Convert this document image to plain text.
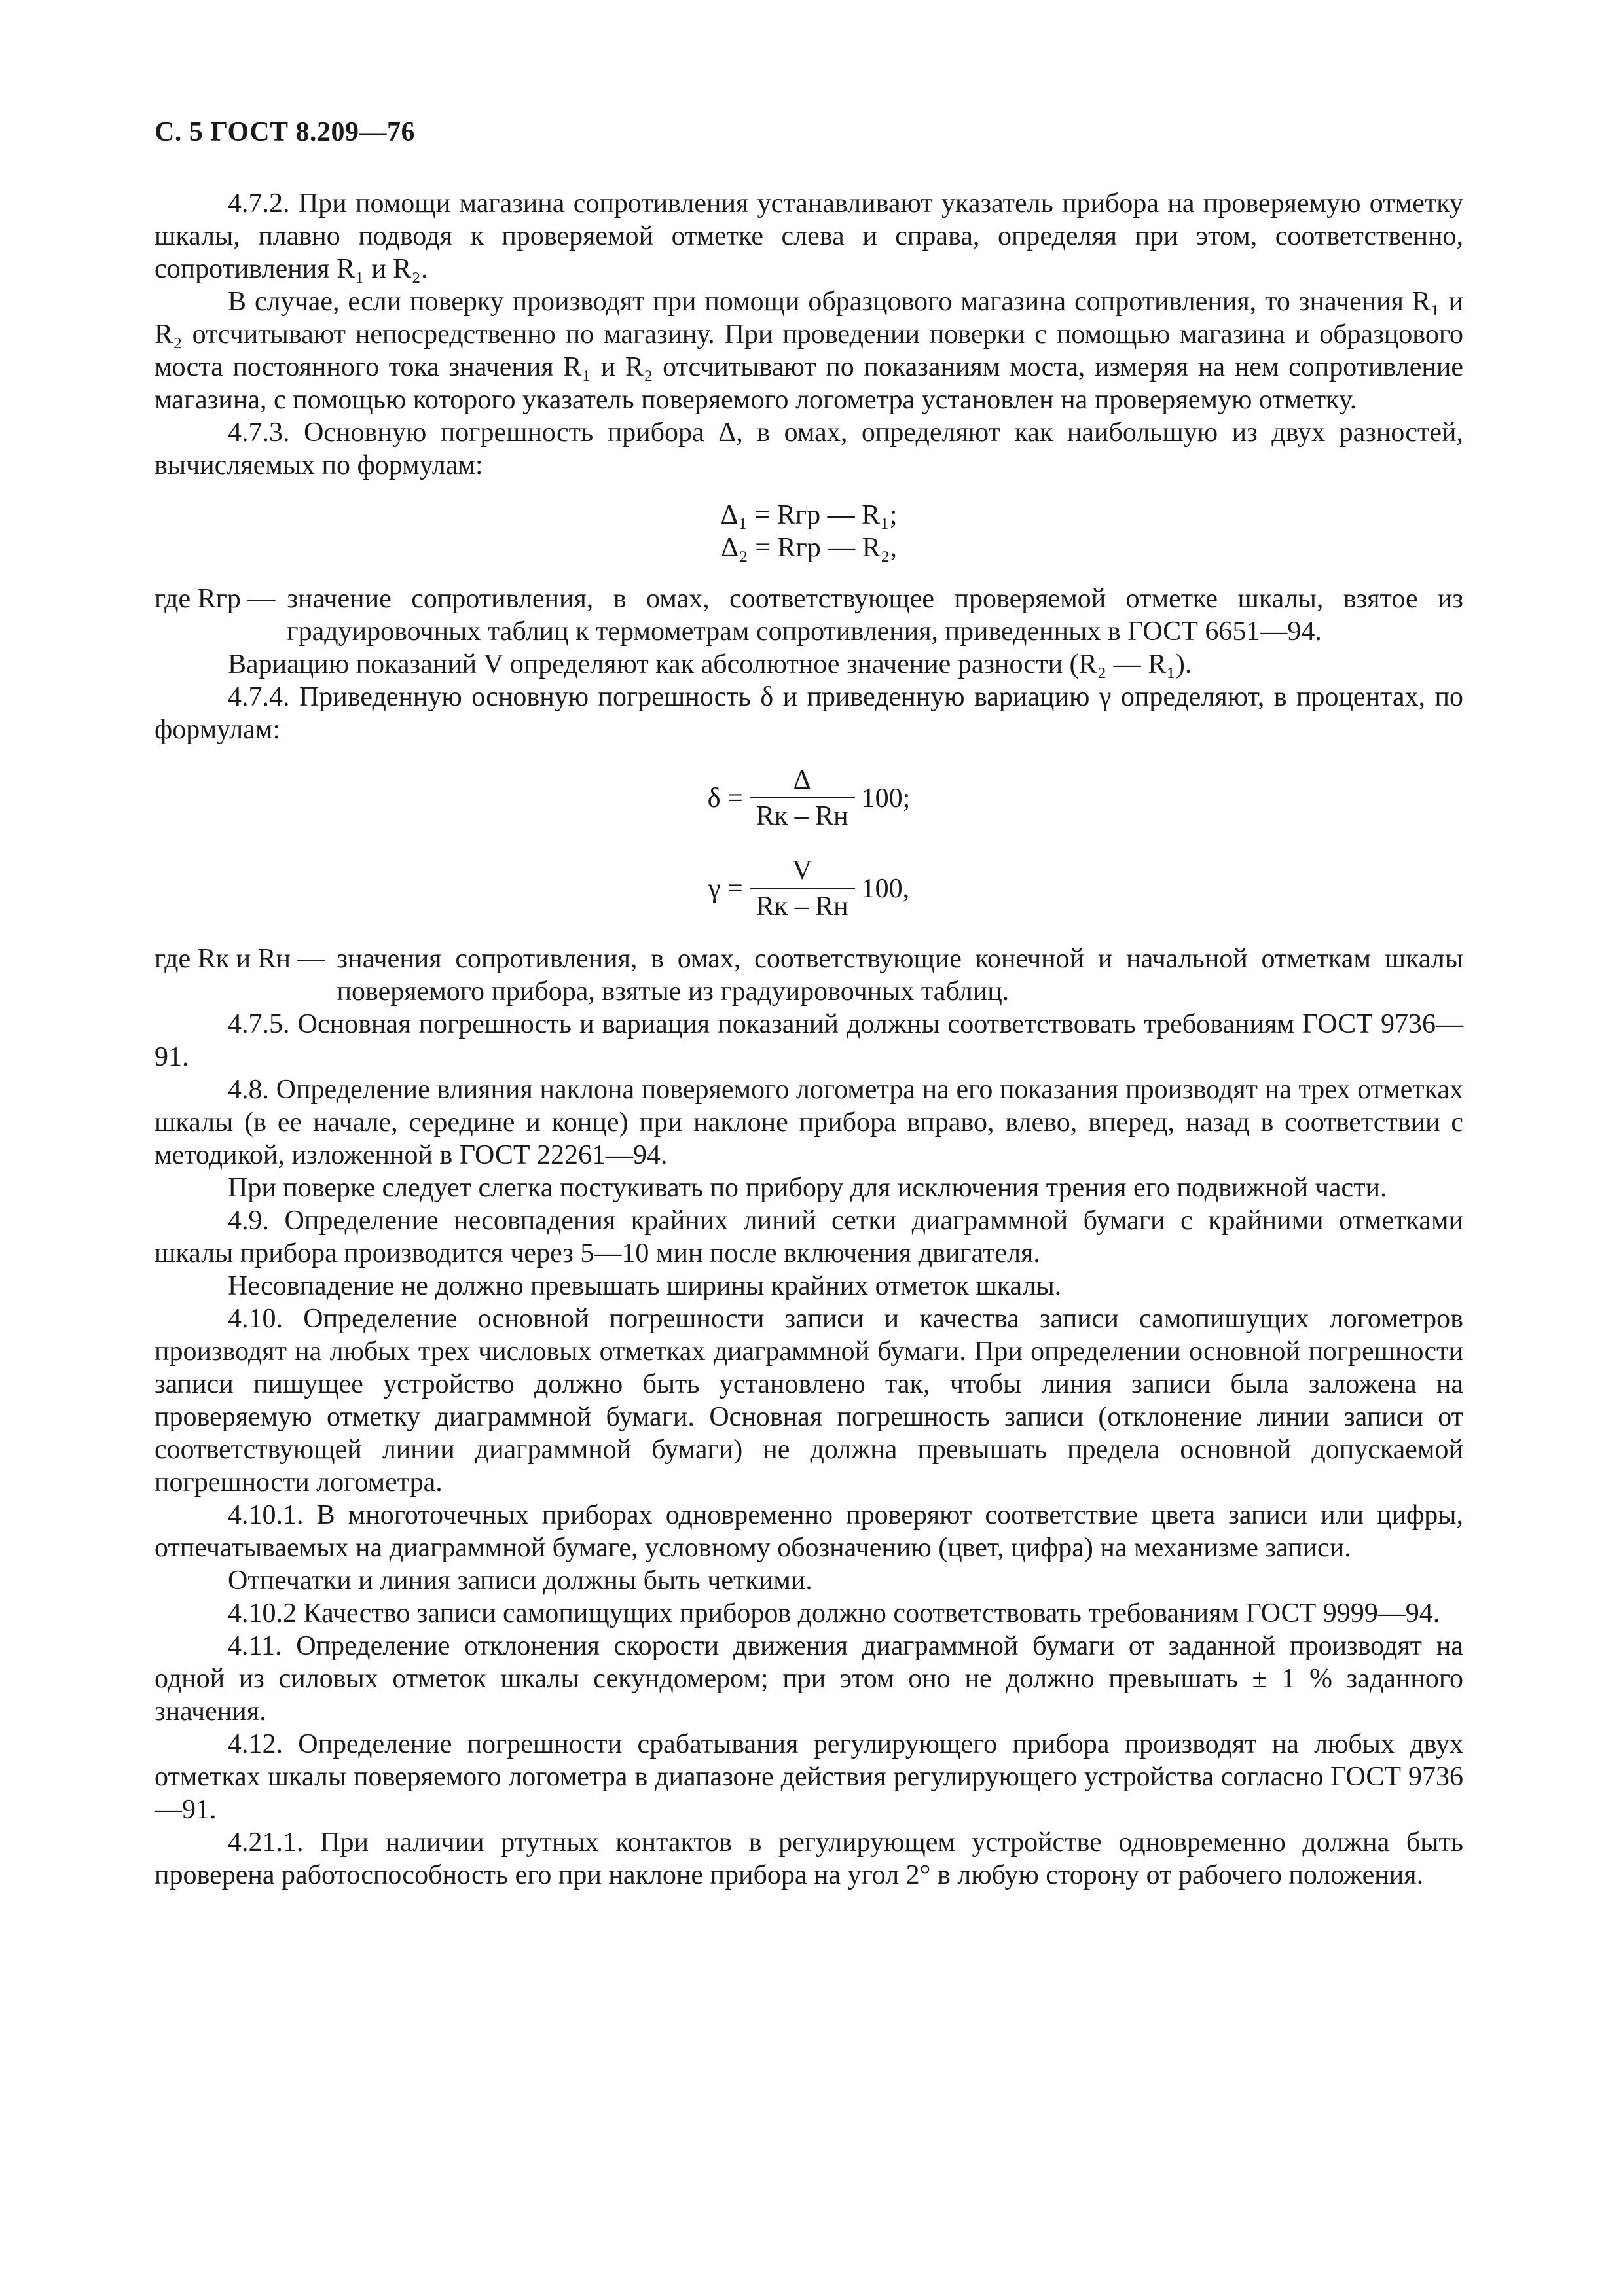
С. 5 ГОСТ 8.209—76

4.7.2. При помощи магазина сопротивления устанавливают указатель прибора на проверяемую отметку шкалы, плавно подводя к проверяемой отметке слева и справа, определяя при этом, соответственно, сопротивления R₁ и R₂.

В случае, если поверку производят при помощи образцового магазина сопротивления, то значения R₁ и R₂ отсчитывают непосредственно по магазину. При проведении поверки с помощью магазина и образцового моста постоянного тока значения R₁ и R₂ отсчитывают по показаниям моста, измеряя на нем сопротивление магазина, с помощью которого указатель поверяемого логометра установлен на проверяемую отметку.

4.7.3. Основную погрешность прибора Δ, в омах, определяют как наибольшую из двух разностей, вычисляемых по формулам:

Δ₁ = Rгр — R₁;

Δ₂ = Rгр — R₂,

где Rгр — значение сопротивления, в омах, соответствующее проверяемой отметке шкалы, взятое из градуировочных таблиц к термометрам сопротивления, приведенных в ГОСТ 6651—94.

Вариацию показаний V определяют как абсолютное значение разности (R₂ — R₁).

4.7.4. Приведенную основную погрешность δ и приведенную вариацию γ определяют, в процентах, по формулам:

$\delta = \frac{\Delta}{Rк - Rн} 100$;
$\gamma = \frac{V}{Rк - Rн} 100$,
где Rк и Rн — значения сопротивления, в омах, соответствующие конечной и начальной отметкам шкалы поверяемого прибора, взятые из градуировочных таблиц.

4.7.5. Основная погрешность и вариация показаний должны соответствовать требованиям ГОСТ 9736—91.

4.8. Определение влияния наклона поверяемого логометра на его показания производят на трех отметках шкалы (в ее начале, середине и конце) при наклоне прибора вправо, влево, вперед, назад в соответствии с методикой, изложенной в ГОСТ 22261—94.

При поверке следует слегка постукивать по прибору для исключения трения его подвижной части.

4.9. Определение несовпадения крайних линий сетки диаграммной бумаги с крайними отметками шкалы прибора производится через 5—10 мин после включения двигателя.

Несовпадение не должно превышать ширины крайних отметок шкалы.

4.10. Определение основной погрешности записи и качества записи самопишущих логометров производят на любых трех числовых отметках диаграммной бумаги. При определении основной погрешности записи пишущее устройство должно быть установлено так, чтобы линия записи была заложена на проверяемую отметку диаграммной бумаги. Основная погрешность записи (отклонение линии записи от соответствующей линии диаграммной бумаги) не должна превышать предела основной допускаемой погрешности логометра.

4.10.1. В многоточечных приборах одновременно проверяют соответствие цвета записи или цифры, отпечатываемых на диаграммной бумаге, условному обозначению (цвет, цифра) на механизме записи.

Отпечатки и линия записи должны быть четкими.

4.10.2 Качество записи самопищущих приборов должно соответствовать требованиям ГОСТ 9999—94.

4.11. Определение отклонения скорости движения диаграммной бумаги от заданной производят на одной из силовых отметок шкалы секундомером; при этом оно не должно превышать ± 1 % заданного значения.

4.12. Определение погрешности срабатывания регулирующего прибора производят на любых двух отметках шкалы поверяемого логометра в диапазоне действия регулирующего устройства согласно ГОСТ 9736—91.

4.21.1. При наличии ртутных контактов в регулирующем устройстве одновременно должна быть проверена работоспособность его при наклоне прибора на угол 2° в любую сторону от рабочего положения.
